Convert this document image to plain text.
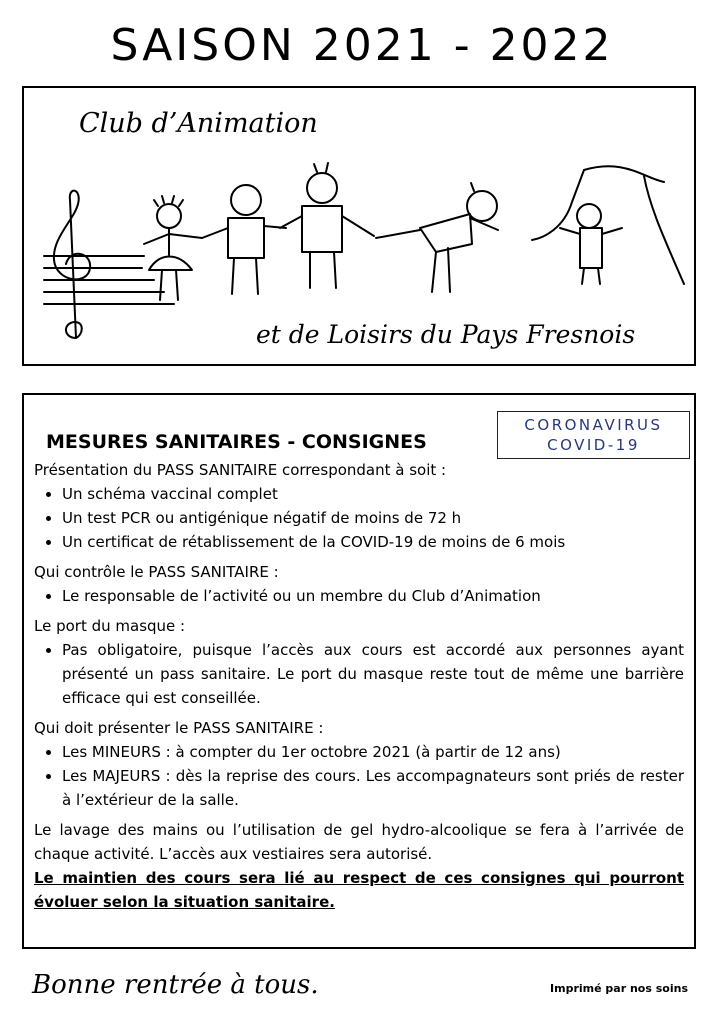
SAISON 2021 - 2022
Club d’Animation
et de Loisirs du Pays Fresnois
CORONAVIRUS
COVID-19
MESURES SANITAIRES - CONSIGNES

Présentation du PASS SANITAIRE correspondant à soit :

• Un schéma vaccinal complet
• Un test PCR ou antigénique négatif de moins de 72 h
• Un certificat de rétablissement de la COVID-19 de moins de 6 mois

Qui contrôle le PASS SANITAIRE :

• Le responsable de l’activité ou un membre du Club d’Animation

Le port du masque :

• Pas obligatoire, puisque l’accès aux cours est accordé aux personnes ayant présenté un pass sanitaire. Le port du masque reste tout de même une barrière efficace qui est conseillée.

Qui doit présenter le PASS SANITAIRE :

• Les MINEURS : à compter du 1er octobre 2021 (à partir de 12 ans)
• Les MAJEURS : dès la reprise des cours. Les accompagnateurs sont priés de rester à l’extérieur de la salle.

Le lavage des mains ou l’utilisation de gel hydro-alcoolique se fera à l’arrivée de chaque activité. L’accès aux vestiaires sera autorisé.

Le maintien des cours sera lié au respect de ces consignes qui pourront évoluer selon la situation sanitaire.

Bonne rentrée à tous.	Imprimé par nos soins
